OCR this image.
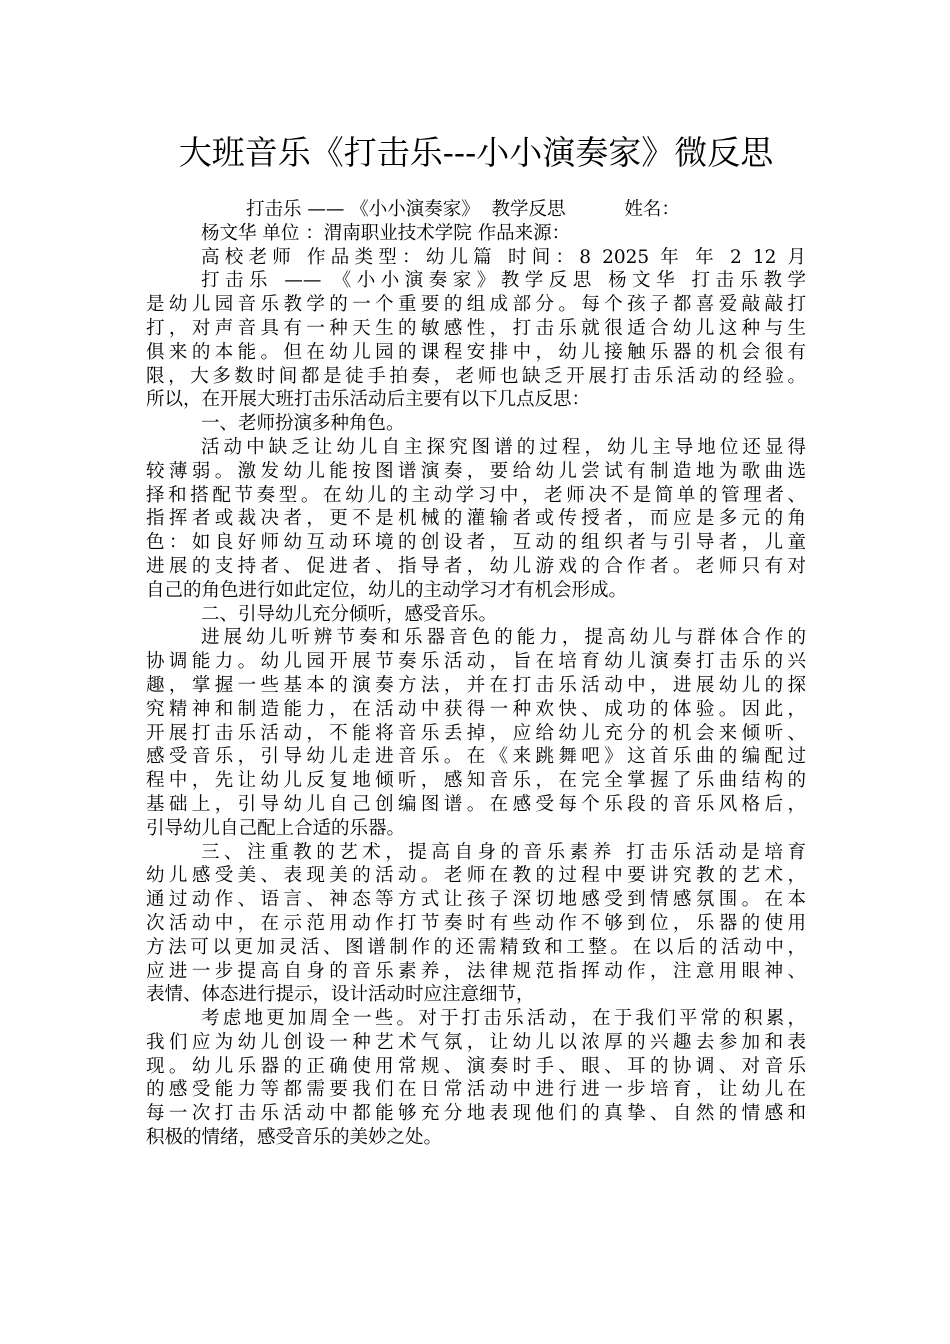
大班音乐《打击乐---小小演奏家》微反思
打击乐 —— 《小小演奏家》  教学反思          姓名：
杨文华 单位 ：渭南职业技术学院 作品来源：
高校老师 作品类型：幼儿篇 时间：8 2025 年 年 2 12 月
打击乐 —— 《小小演奏家》教学反思 杨文华 打击乐教学
是幼儿园音乐教学的一个重要的组成部分。每个孩子都喜爱敲敲打
打，对声音具有一种天生的敏感性，打击乐就很适合幼儿这种与生
俱来的本能。但在幼儿园的课程安排中，幼儿接触乐器的机会很有
限，大多数时间都是徒手拍奏，老师也缺乏开展打击乐活动的经验。
所以，在开展大班打击乐活动后主要有以下几点反思：
一、老师扮演多种角色。
活动中缺乏让幼儿自主探究图谱的过程，幼儿主导地位还显得
较薄弱。激发幼儿能按图谱演奏，要给幼儿尝试有制造地为歌曲选
择和搭配节奏型。在幼儿的主动学习中，老师决不是简单的管理者、
指挥者或裁决者，更不是机械的灌输者或传授者，而应是多元的角
色：如良好师幼互动环境的创设者，互动的组织者与引导者，儿童
进展的支持者、促进者、指导者，幼儿游戏的合作者。老师只有对
自己的角色进行如此定位，幼儿的主动学习才有机会形成。
二、引导幼儿充分倾听，感受音乐。
进展幼儿听辨节奏和乐器音色的能力，提高幼儿与群体合作的
协调能力。幼儿园开展节奏乐活动，旨在培育幼儿演奏打击乐的兴
趣，掌握一些基本的演奏方法，并在打击乐活动中，进展幼儿的探
究精神和制造能力，在活动中获得一种欢快、成功的体验。因此，
开展打击乐活动，不能将音乐丢掉，应给幼儿充分的机会来倾听、
感受音乐，引导幼儿走进音乐。在《来跳舞吧》这首乐曲的编配过
程中，先让幼儿反复地倾听，感知音乐，在完全掌握了乐曲结构的
基础上，引导幼儿自己创编图谱。在感受每个乐段的音乐风格后，
引导幼儿自己配上合适的乐器。
三、注重教的艺术，提高自身的音乐素养 打击乐活动是培育
幼儿感受美、表现美的活动。老师在教的过程中要讲究教的艺术，
通过动作、语言、神态等方式让孩子深切地感受到情感氛围。在本
次活动中，在示范用动作打节奏时有些动作不够到位，乐器的使用
方法可以更加灵活、图谱制作的还需精致和工整。在以后的活动中，
应进一步提高自身的音乐素养，法律规范指挥动作，注意用眼神、
表情、体态进行提示，设计活动时应注意细节，
考虑地更加周全一些。对于打击乐活动，在于我们平常的积累，
我们应为幼儿创设一种艺术气氛，让幼儿以浓厚的兴趣去参加和表
现。幼儿乐器的正确使用常规、演奏时手、眼、耳的协调、对音乐
的感受能力等都需要我们在日常活动中进行进一步培育，让幼儿在
每一次打击乐活动中都能够充分地表现他们的真挚、自然的情感和
积极的情绪，感受音乐的美妙之处。
